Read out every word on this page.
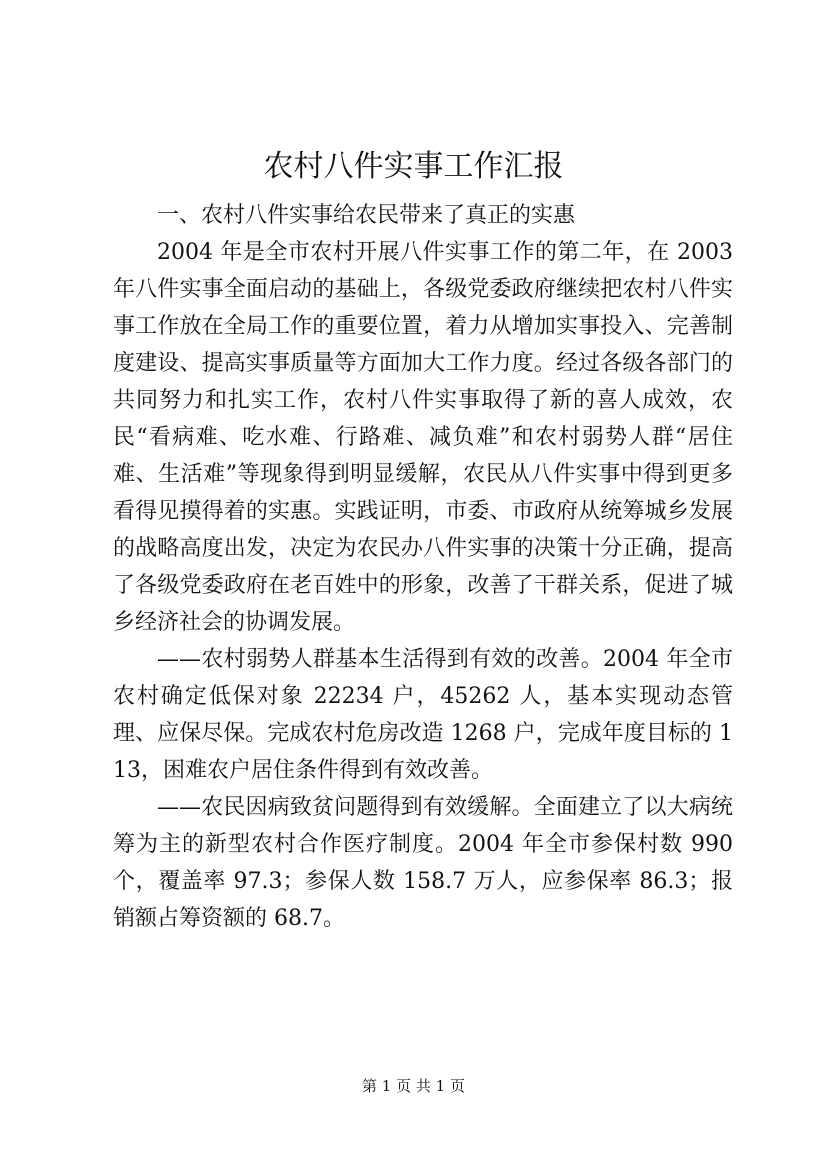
农村八件实事工作汇报

一、农村八件实事给农民带来了真正的实惠

2004 年是全市农村开展八件实事工作的第二年，在 2003 年八件实事全面启动的基础上，各级党委政府继续把农村八件实事工作放在全局工作的重要位置，着力从增加实事投入、完善制度建设、提高实事质量等方面加大工作力度。经过各级各部门的共同努力和扎实工作，农村八件实事取得了新的喜人成效，农民“看病难、吃水难、行路难、减负难”和农村弱势人群“居住难、生活难”等现象得到明显缓解，农民从八件实事中得到更多看得见摸得着的实惠。实践证明，市委、市政府从统筹城乡发展的战略高度出发，决定为农民办八件实事的决策十分正确，提高了各级党委政府在老百姓中的形象，改善了干群关系，促进了城乡经济社会的协调发展。

——农村弱势人群基本生活得到有效的改善。2004 年全市农村确定低保对象 22234 户，45262 人，基本实现动态管理、应保尽保。完成农村危房改造 1268 户，完成年度目标的 113，困难农户居住条件得到有效改善。

——农民因病致贫问题得到有效缓解。全面建立了以大病统筹为主的新型农村合作医疗制度。2004 年全市参保村数 990 个，覆盖率 97.3；参保人数 158.7 万人，应参保率 86.3；报销额占筹资额的 68.7。

第 1 页 共 1 页
